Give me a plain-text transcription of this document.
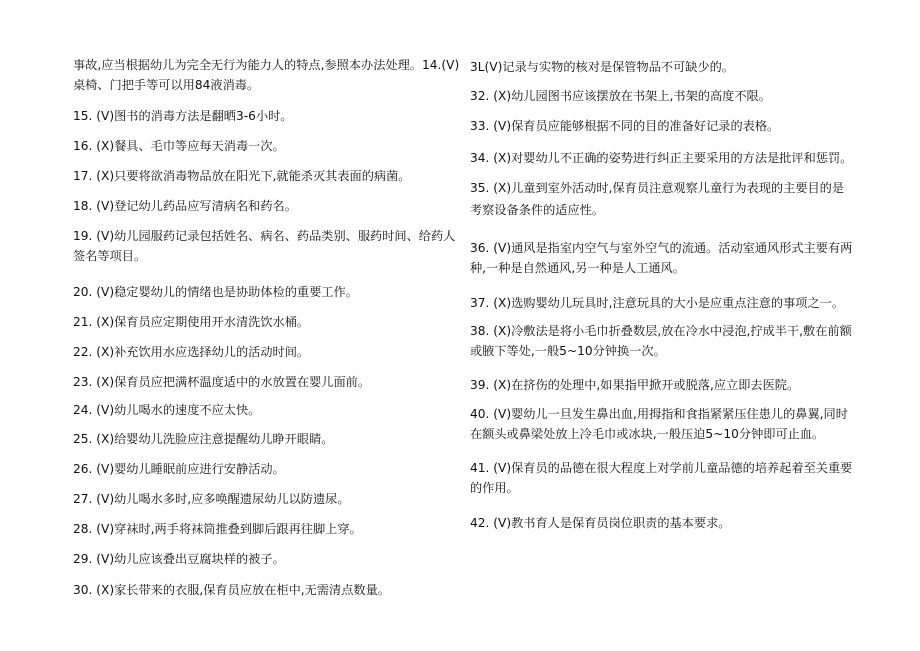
事故,应当根据幼儿为完全无行为能力人的特点,参照本办法处理。14.(V)
桌椅、门把手等可以用84液消毒。
15. (V)图书的消毒方法是翻晒3-6小时。
16. (X)餐具、毛巾等应每天消毒一次。
17. (X)只要将欲消毒物品放在阳光下,就能杀灭其表面的病菌。
18. (V)登记幼儿药品应写清病名和药名。
19. (V)幼儿园服药记录包括姓名、病名、药品类别、服药时间、给药人
签名等项目。
20. (V)稳定婴幼儿的情绪也是协助体检的重要工作。
21. (X)保育员应定期使用开水清洗饮水桶。
22. (X)补充饮用水应选择幼儿的活动时间。
23. (X)保育员应把满杯温度适中的水放置在婴儿面前。
24. (V)幼儿喝水的速度不应太快。
25. (X)给婴幼儿洗脸应注意提醒幼儿睁开眼睛。
26. (V)婴幼儿睡眠前应进行安静活动。
27. (V)幼儿喝水多时,应多唤醒遗尿幼儿以防遗尿。
28. (V)穿袜时,两手将袜筒推叠到脚后跟再往脚上穿。
29. (V)幼儿应该叠出豆腐块样的被子。
30. (X)家长带来的衣服,保育员应放在柜中,无需清点数量。
3L(V)记录与实物的核对是保管物品不可缺少的。
32. (X)幼儿园图书应该摆放在书架上,书架的高度不限。
33. (V)保育员应能够根据不同的目的准备好记录的表格。
34. (X)对婴幼儿不正确的姿势进行纠正主要采用的方法是批评和惩罚。
35. (X)儿童到室外活动时,保育员注意观察儿童行为表现的主要目的是
考察设备条件的适应性。
36. (V)通风是指室内空气与室外空气的流通。活动室通风形式主要有两
种,一种是自然通风,另一种是人工通风。
37. (X)选购婴幼儿玩具时,注意玩具的大小是应重点注意的事项之一。
38. (X)冷敷法是将小毛巾折叠数层,放在冷水中浸泡,拧成半干,敷在前额
或腋下等处,一般5~10分钟换一次。
39. (X)在挤伤的处理中,如果指甲掀开或脱落,应立即去医院。
40. (V)婴幼儿一旦发生鼻出血,用拇指和食指紧紧压住患儿的鼻翼,同时
在额头或鼻梁处放上冷毛巾或冰块,一般压迫5~10分钟即可止血。
41. (V)保育员的品德在很大程度上对学前儿童品德的培养起着至关重要
的作用。
42. (V)教书育人是保育员岗位职责的基本要求。
